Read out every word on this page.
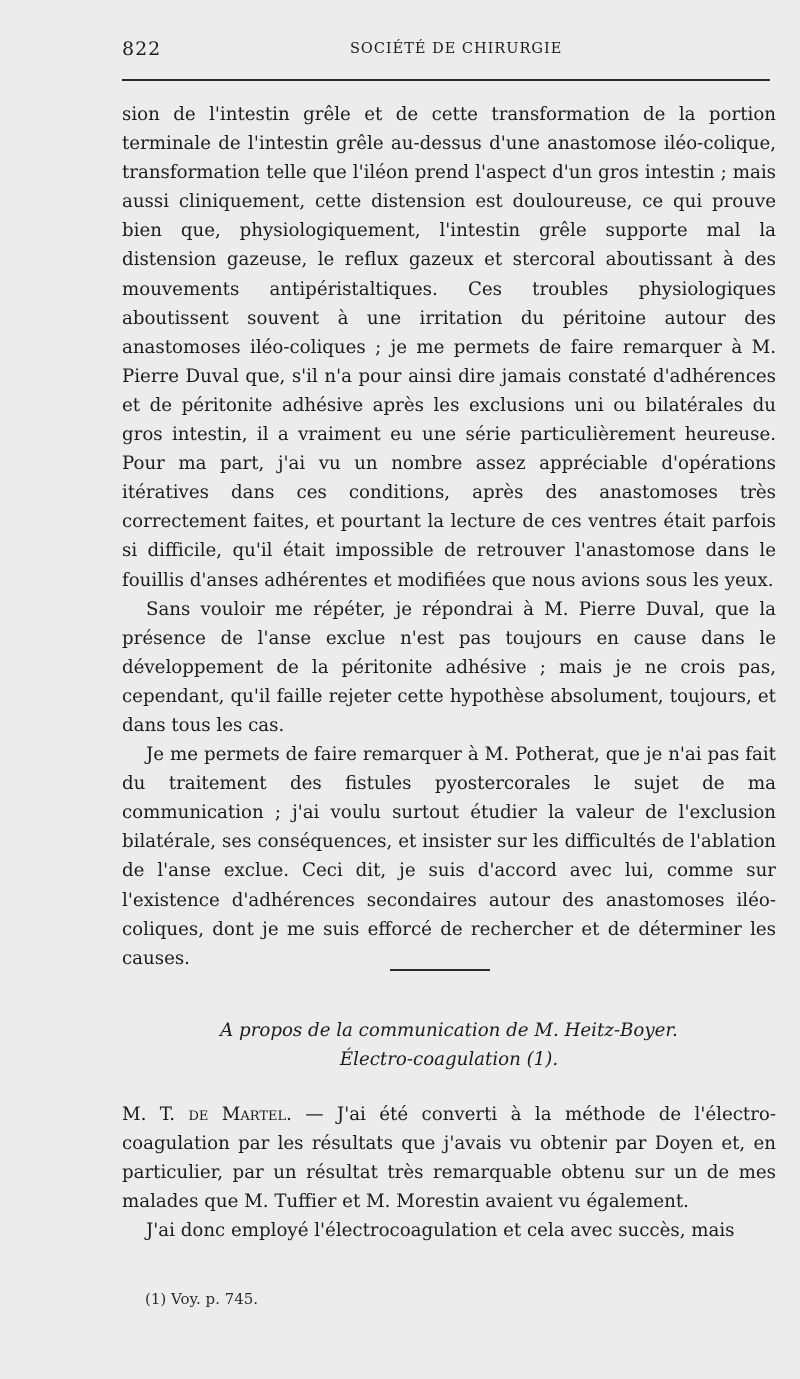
822	SOCIÉTÉ DE CHIRURGIE

sion de l'intestin grêle et de cette transformation de la portion terminale de l'intestin grêle au-dessus d'une anastomose iléo-colique, transformation telle que l'iléon prend l'aspect d'un gros intestin ; mais aussi cliniquement, cette distension est douloureuse, ce qui prouve bien que, physiologiquement, l'intestin grêle supporte mal la distension gazeuse, le reflux gazeux et stercoral aboutissant à des mouvements antipéristaltiques. Ces troubles physiologiques aboutissent souvent à une irritation du péritoine autour des anastomoses iléo-coliques ; je me permets de faire remarquer à M. Pierre Duval que, s'il n'a pour ainsi dire jamais constaté d'adhérences et de péritonite adhésive après les exclusions uni ou bilatérales du gros intestin, il a vraiment eu une série particulièrement heureuse. Pour ma part, j'ai vu un nombre assez appréciable d'opérations itératives dans ces conditions, après des anastomoses très correctement faites, et pourtant la lecture de ces ventres était parfois si difficile, qu'il était impossible de retrouver l'anastomose dans le fouillis d'anses adhérentes et modifiées que nous avions sous les yeux.

Sans vouloir me répéter, je répondrai à M. Pierre Duval, que la présence de l'anse exclue n'est pas toujours en cause dans le développement de la péritonite adhésive ; mais je ne crois pas, cependant, qu'il faille rejeter cette hypothèse absolument, toujours, et dans tous les cas.

Je me permets de faire remarquer à M. Potherat, que je n'ai pas fait du traitement des fistules pyostercorales le sujet de ma communication ; j'ai voulu surtout étudier la valeur de l'exclusion bilatérale, ses conséquences, et insister sur les difficultés de l'ablation de l'anse exclue. Ceci dit, je suis d'accord avec lui, comme sur l'existence d'adhérences secondaires autour des anastomoses iléo-coliques, dont je me suis efforcé de rechercher et de déterminer les causes.

A propos de la communication de M. Heitz-Boyer.
Électro-coagulation (1).

M. T. de Martel. — J'ai été converti à la méthode de l'électro-coagulation par les résultats que j'avais vu obtenir par Doyen et, en particulier, par un résultat très remarquable obtenu sur un de mes malades que M. Tuffier et M. Morestin avaient vu également.

J'ai donc employé l'électrocoagulation et cela avec succès, mais

(1) Voy. p. 745.
